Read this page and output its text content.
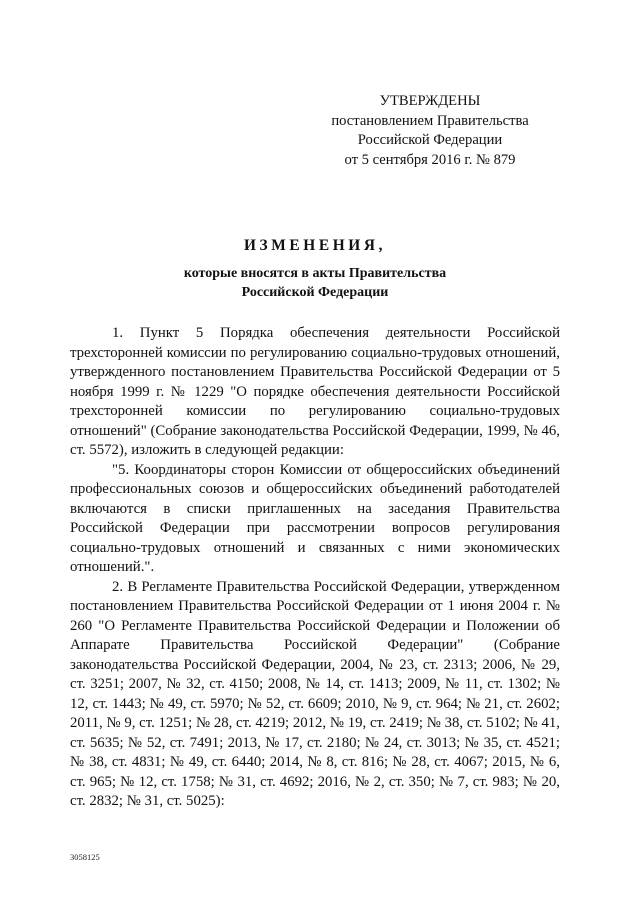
УТВЕРЖДЕНЫ
постановлением Правительства
Российской Федерации
от 5 сентября 2016 г. № 879
ИЗМЕНЕНИЯ,
которые вносятся в акты Правительства
Российской Федерации

1. Пункт 5 Порядка обеспечения деятельности Российской трехсторонней комиссии по регулированию социально-трудовых отношений, утвержденного постановлением Правительства Российской Федерации от 5 ноября 1999 г. № 1229 "О порядке обеспечения деятельности Российской трехсторонней комиссии по регулированию социально-трудовых отношений" (Собрание законодательства Российской Федерации, 1999, № 46, ст. 5572), изложить в следующей редакции:

"5. Координаторы сторон Комиссии от общероссийских объединений профессиональных союзов и общероссийских объединений работодателей включаются в списки приглашенных на заседания Правительства Российской Федерации при рассмотрении вопросов регулирования социально-трудовых отношений и связанных с ними экономических отношений.".

2. В Регламенте Правительства Российской Федерации, утвержденном постановлением Правительства Российской Федерации от 1 июня 2004 г. № 260 "О Регламенте Правительства Российской Федерации и Положении об Аппарате Правительства Российской Федерации" (Собрание законодательства Российской Федерации, 2004, № 23, ст. 2313; 2006, № 29, ст. 3251; 2007, № 32, ст. 4150; 2008, № 14, ст. 1413; 2009, № 11, ст. 1302; № 12, ст. 1443; № 49, ст. 5970; № 52, ст. 6609; 2010, № 9, ст. 964; № 21, ст. 2602; 2011, № 9, ст. 1251; № 28, ст. 4219; 2012, № 19, ст. 2419; № 38, ст. 5102; № 41, ст. 5635; № 52, ст. 7491; 2013, № 17, ст. 2180; № 24, ст. 3013; № 35, ст. 4521; № 38, ст. 4831; № 49, ст. 6440; 2014, № 8, ст. 816; № 28, ст. 4067; 2015, № 6, ст. 965; № 12, ст. 1758; № 31, ст. 4692; 2016, № 2, ст. 350; № 7, ст. 983; № 20, ст. 2832; № 31, ст. 5025):

3058125
